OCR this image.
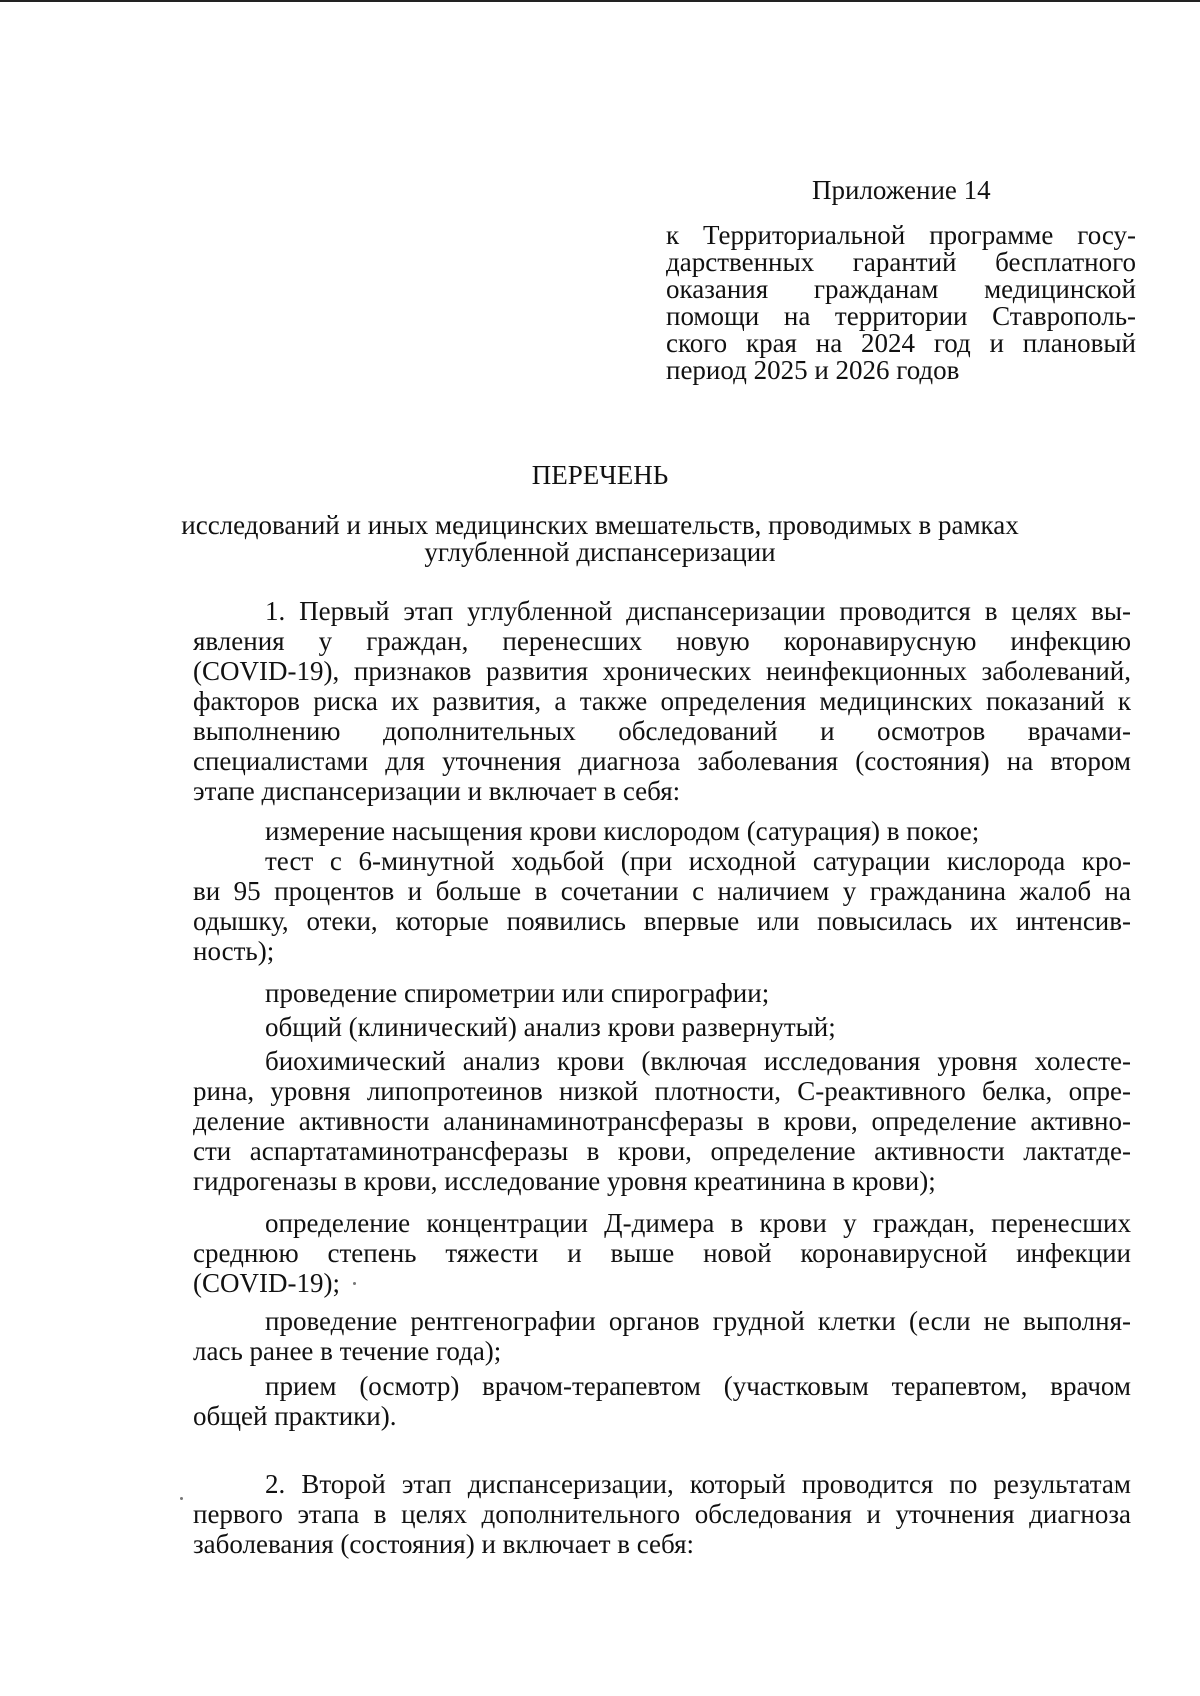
Приложение 14
к Территориальной программе госу-
дарственных гарантий бесплатного
оказания гражданам медицинской
помощи на территории Ставрополь-
ского края на 2024 год и плановый
период 2025 и 2026 годов
ПЕРЕЧЕНЬ
исследований и иных медицинских вмешательств, проводимых в рамках
углубленной диспансеризации
1. Первый этап углубленной диспансеризации проводится в целях вы-
явления у граждан, перенесших новую коронавирусную инфекцию
(COVID-19), признаков развития хронических неинфекционных заболеваний,
факторов риска их развития, а также определения медицинских показаний к
выполнению дополнительных обследований и осмотров врачами-
специалистами для уточнения диагноза заболевания (состояния) на втором
этапе диспансеризации и включает в себя:
измерение насыщения крови кислородом (сатурация) в покое;
тест с 6-минутной ходьбой (при исходной сатурации кислорода кро-
ви 95 процентов и больше в сочетании с наличием у гражданина жалоб на
одышку, отеки, которые появились впервые или повысилась их интенсив-
ность);
проведение спирометрии или спирографии;
общий (клинический) анализ крови развернутый;
биохимический анализ крови (включая исследования уровня холесте-
рина, уровня липопротеинов низкой плотности, С-реактивного белка, опре-
деление активности аланинаминотрансферазы в крови, определение активно-
сти аспартатаминотрансферазы в крови, определение активности лактатде-
гидрогеназы в крови, исследование уровня креатинина в крови);
определение концентрации Д-димера в крови у граждан, перенесших
среднюю степень тяжести и выше новой коронавирусной инфекции
(COVID-19);
проведение рентгенографии органов грудной клетки (если не выполня-
лась ранее в течение года);
прием (осмотр) врачом-терапевтом (участковым терапевтом, врачом
общей практики).
2. Второй этап диспансеризации, который проводится по результатам
первого этапа в целях дополнительного обследования и уточнения диагноза
заболевания (состояния) и включает в себя:
